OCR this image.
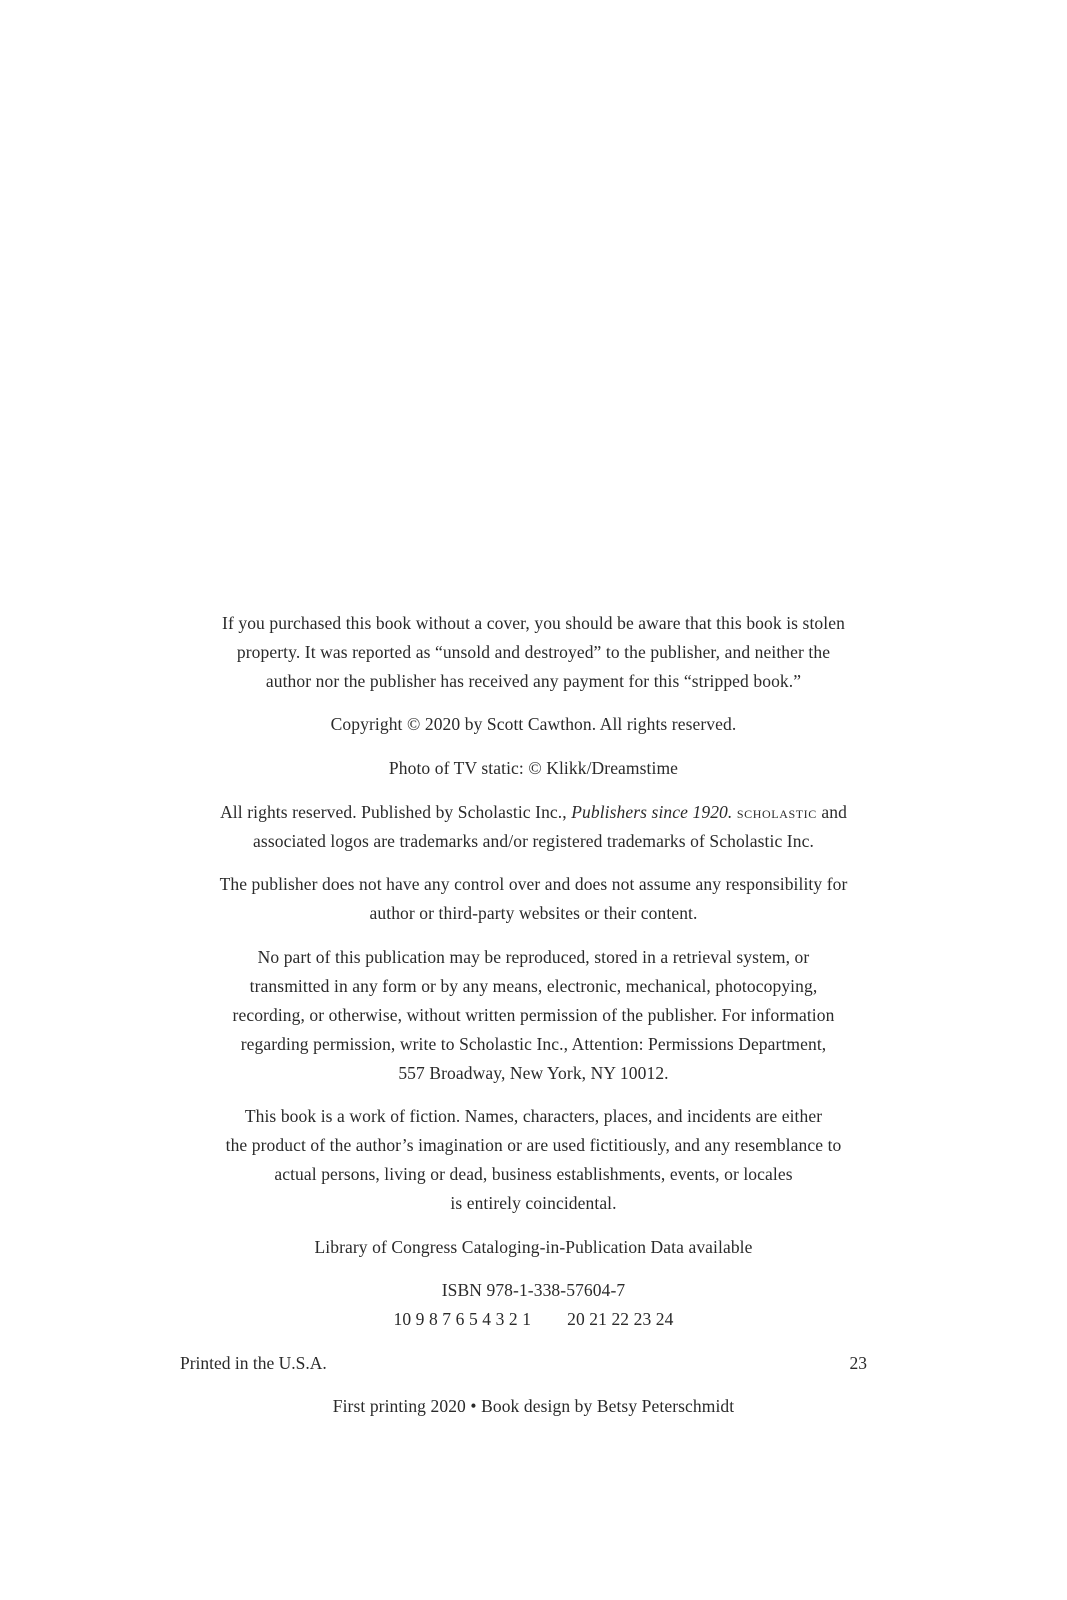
If you purchased this book without a cover, you should be aware that this book is stolen
property. It was reported as “unsold and destroyed” to the publisher, and neither the
author nor the publisher has received any payment for this “stripped book.”
Copyright © 2020 by Scott Cawthon. All rights reserved.
Photo of TV static: © Klikk/Dreamstime
All rights reserved. Published by Scholastic Inc., Publishers since 1920. scholastic and
associated logos are trademarks and/or registered trademarks of Scholastic Inc.
The publisher does not have any control over and does not assume any responsibility for
author or third-party websites or their content.
No part of this publication may be reproduced, stored in a retrieval system, or
transmitted in any form or by any means, electronic, mechanical, photocopying,
recording, or otherwise, without written permission of the publisher. For information
regarding permission, write to Scholastic Inc., Attention: Permissions Department,
557 Broadway, New York, NY 10012.
This book is a work of fiction. Names, characters, places, and incidents are either
the product of the author’s imagination or are used fictitiously, and any resemblance to
actual persons, living or dead, business establishments, events, or locales
is entirely coincidental.
Library of Congress Cataloging-in-Publication Data available
ISBN 978-1-338-57604-7
10 9 8 7 6 5 4 3 2 1 20 21 22 23 24
Printed in the U.S.A.	23
First printing 2020 • Book design by Betsy Peterschmidt
